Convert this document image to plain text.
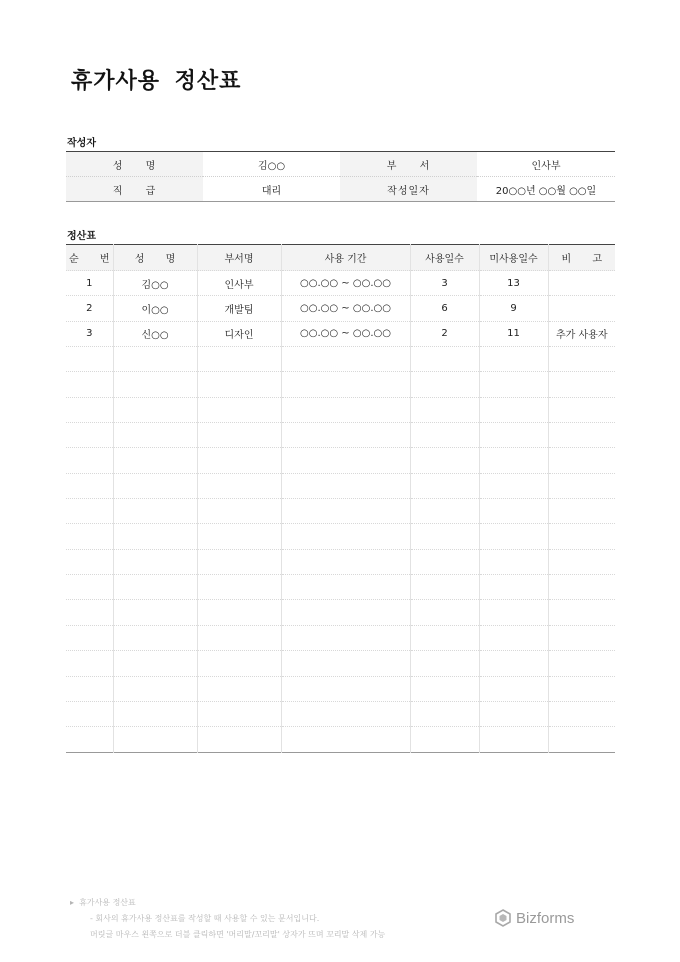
휴가사용 정산표
작성자
성 명	김○○	부 서	인사부
직 급	대리	작성일자	20○○년 ○○월 ○○일
정산표
순 번	성 명	부서명	사용 기간	사용일수	미사용일수	비 고
1	김○○	인사부	○○.○○ ~ ○○.○○	3	13	
2	이○○	개발팀	○○.○○ ~ ○○.○○	6	9	
3	신○○	디자인	○○.○○ ~ ○○.○○	2	11	추가 사용자

▸  휴가사용 정산표
- 회사의 휴가사용 정산표를 작성할 때 사용할 수 있는 문서입니다.
머릿글 마우스 왼쪽으로 더블 클릭하면 '머리말/꼬리말' 상자가 뜨며 꼬리말 삭제 가능
Bizforms
